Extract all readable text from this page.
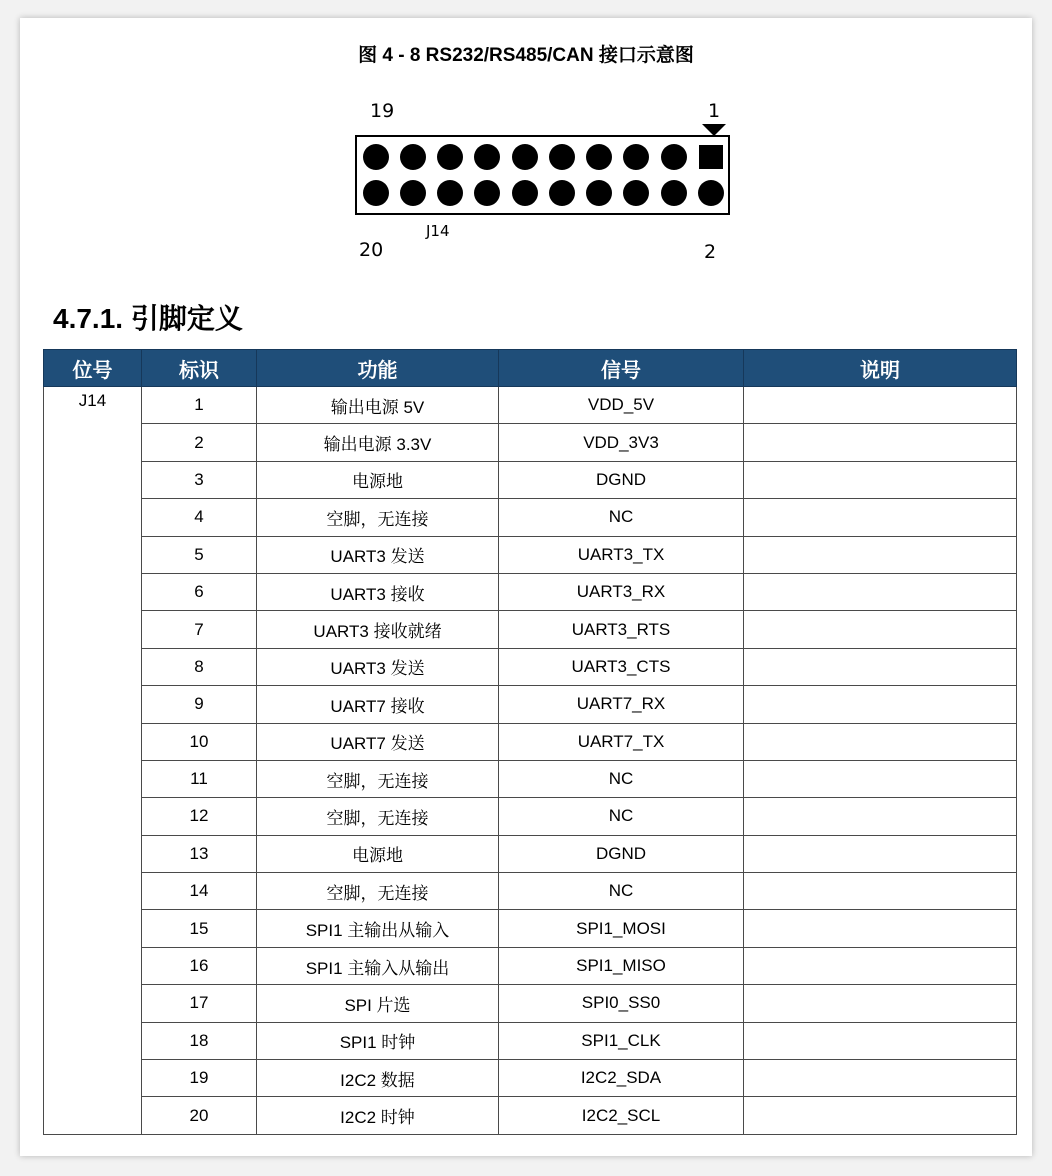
图 4 - 8 RS232/RS485/CAN 接口示意图
19	1
J14
20	2
4.7.1. 引脚定义
位号	标识	功能	信号	说明
J14	1	输出电源 5V	VDD_5V	
	2	输出电源 3.3V	VDD_3V3	
	3	电源地	DGND	
	4	空脚，无连接	NC	
	5	UART3 发送	UART3_TX	
	6	UART3 接收	UART3_RX	
	7	UART3 接收就绪	UART3_RTS	
	8	UART3 发送	UART3_CTS	
	9	UART7 接收	UART7_RX	
	10	UART7 发送	UART7_TX	
	11	空脚，无连接	NC	
	12	空脚，无连接	NC	
	13	电源地	DGND	
	14	空脚，无连接	NC	
	15	SPI1 主输出从输入	SPI1_MOSI	
	16	SPI1 主输入从输出	SPI1_MISO	
	17	SPI 片选	SPI0_SS0	
	18	SPI1 时钟	SPI1_CLK	
	19	I2C2 数据	I2C2_SDA	
	20	I2C2 时钟	I2C2_SCL	
